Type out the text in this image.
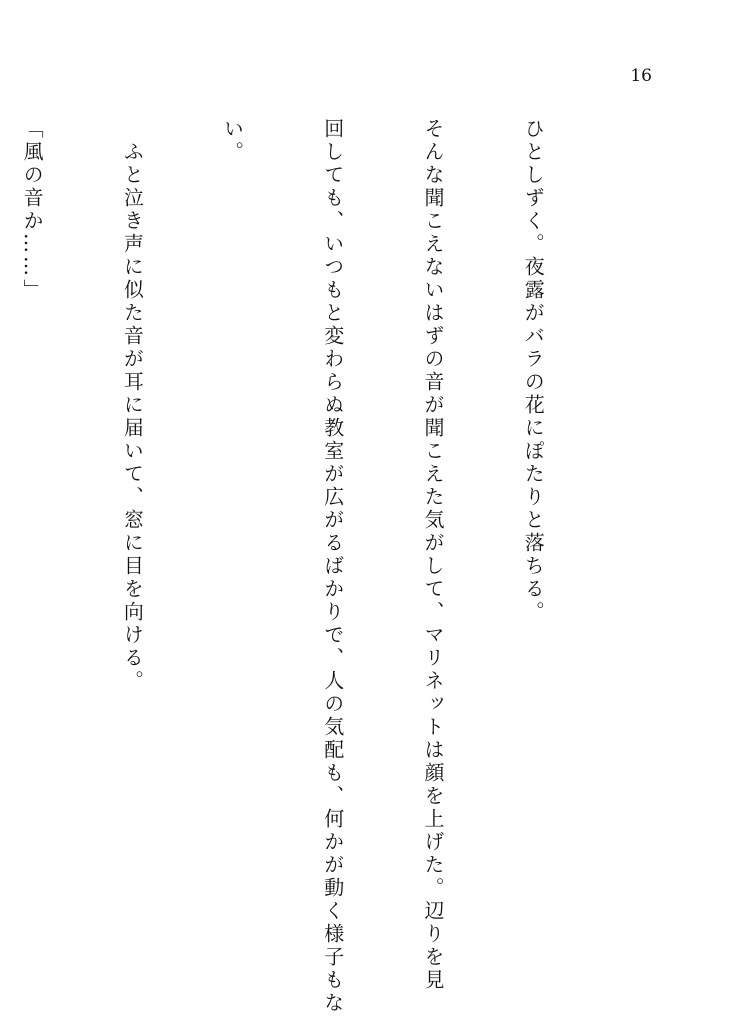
16

ひとしずく。夜露がバラの花にぽたりと落ちる。

そんな聞こえないはずの音が聞こえた気がして、マリネットは顔を上げた。辺りを見

回しても、いつもと変わらぬ教室が広がるばかりで、人の気配も、何かが動く様子もな

い。

　ふと泣き声に似た音が耳に届いて、窓に目を向ける。

「風の音か……」
